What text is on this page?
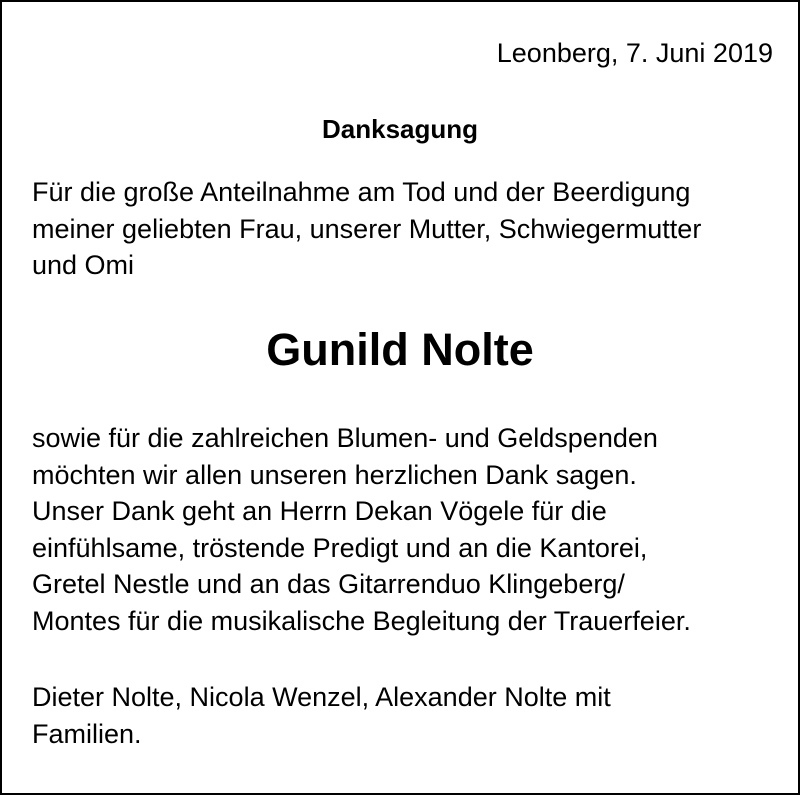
Leonberg, 7. Juni 2019
Danksagung

Für die große Anteilnahme am Tod und der Beerdigung
meiner geliebten Frau, unserer Mutter, Schwiegermutter
und Omi

Gunild Nolte

sowie für die zahlreichen Blumen- und Geldspenden
möchten wir allen unseren herzlichen Dank sagen.
Unser Dank geht an Herrn Dekan Vögele für die
einfühlsame, tröstende Predigt und an die Kantorei,
Gretel Nestle und an das Gitarrenduo Klingeberg/
Montes für die musikalische Begleitung der Trauerfeier.

Dieter Nolte, Nicola Wenzel, Alexander Nolte mit
Familien.
